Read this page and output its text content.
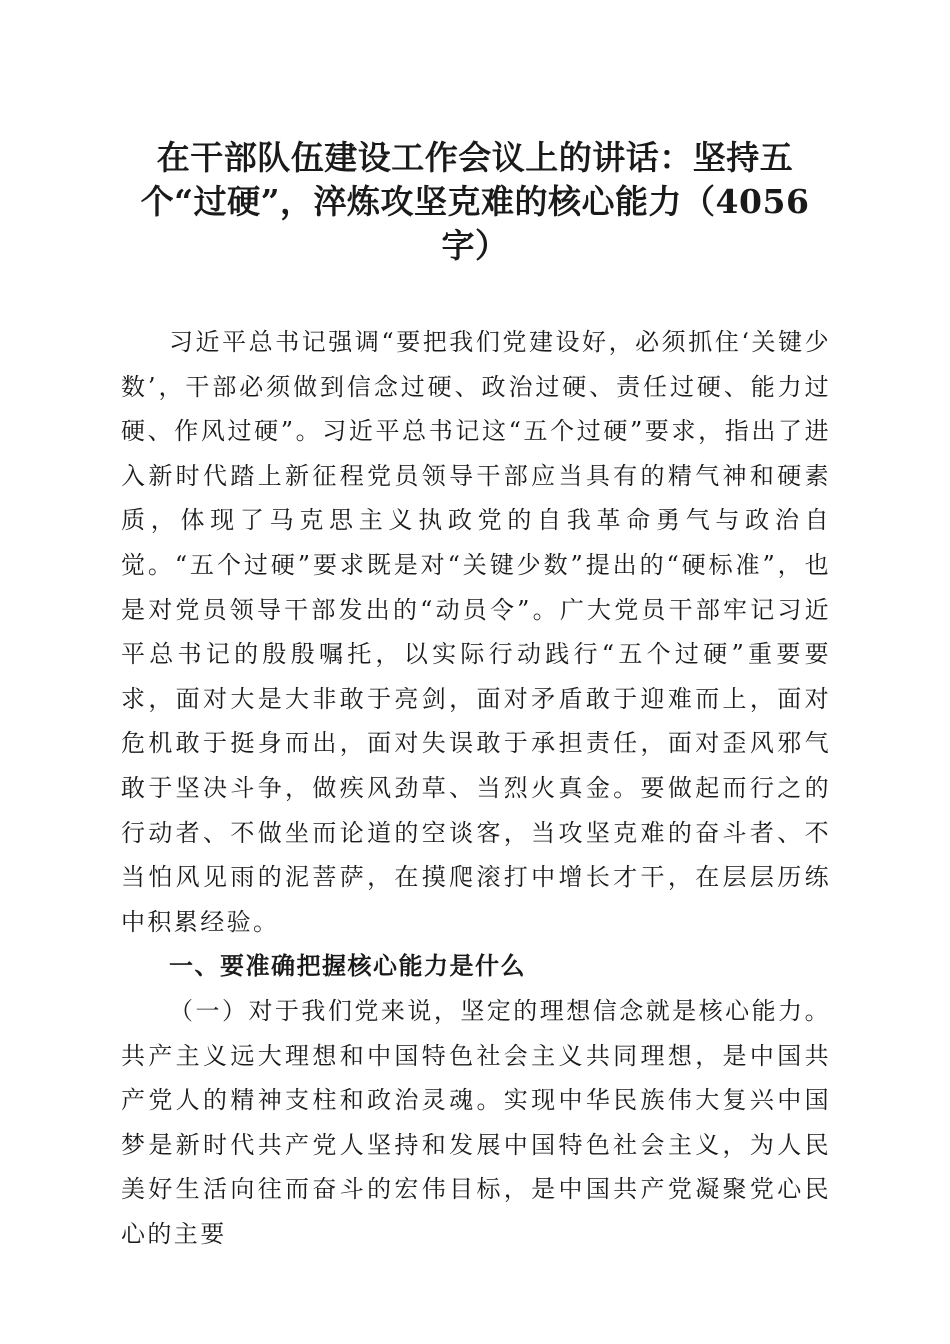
在干部队伍建设工作会议上的讲话：坚持五个“过硬”，淬炼攻坚克难的核心能力（4056字）

习近平总书记强调“要把我们党建设好，必须抓住‘关键少数’，干部必须做到信念过硬、政治过硬、责任过硬、能力过硬、作风过硬”。习近平总书记这“五个过硬”要求，指出了进入新时代踏上新征程党员领导干部应当具有的精气神和硬素质，体现了马克思主义执政党的自我革命勇气与政治自觉。“五个过硬”要求既是对“关键少数”提出的“硬标准”，也是对党员领导干部发出的“动员令”。广大党员干部牢记习近平总书记的殷殷嘱托，以实际行动践行“五个过硬”重要要求，面对大是大非敢于亮剑，面对矛盾敢于迎难而上，面对危机敢于挺身而出，面对失误敢于承担责任，面对歪风邪气敢于坚决斗争，做疾风劲草、当烈火真金。要做起而行之的行动者、不做坐而论道的空谈客，当攻坚克难的奋斗者、不当怕风见雨的泥菩萨，在摸爬滚打中增长才干，在层层历练中积累经验。

一、要准确把握核心能力是什么

（一）对于我们党来说，坚定的理想信念就是核心能力。共产主义远大理想和中国特色社会主义共同理想，是中国共产党人的精神支柱和政治灵魂。实现中华民族伟大复兴中国梦是新时代共产党人坚持和发展中国特色社会主义，为人民美好生活向往而奋斗的宏伟目标，是中国共产党凝聚党心民心的主要
